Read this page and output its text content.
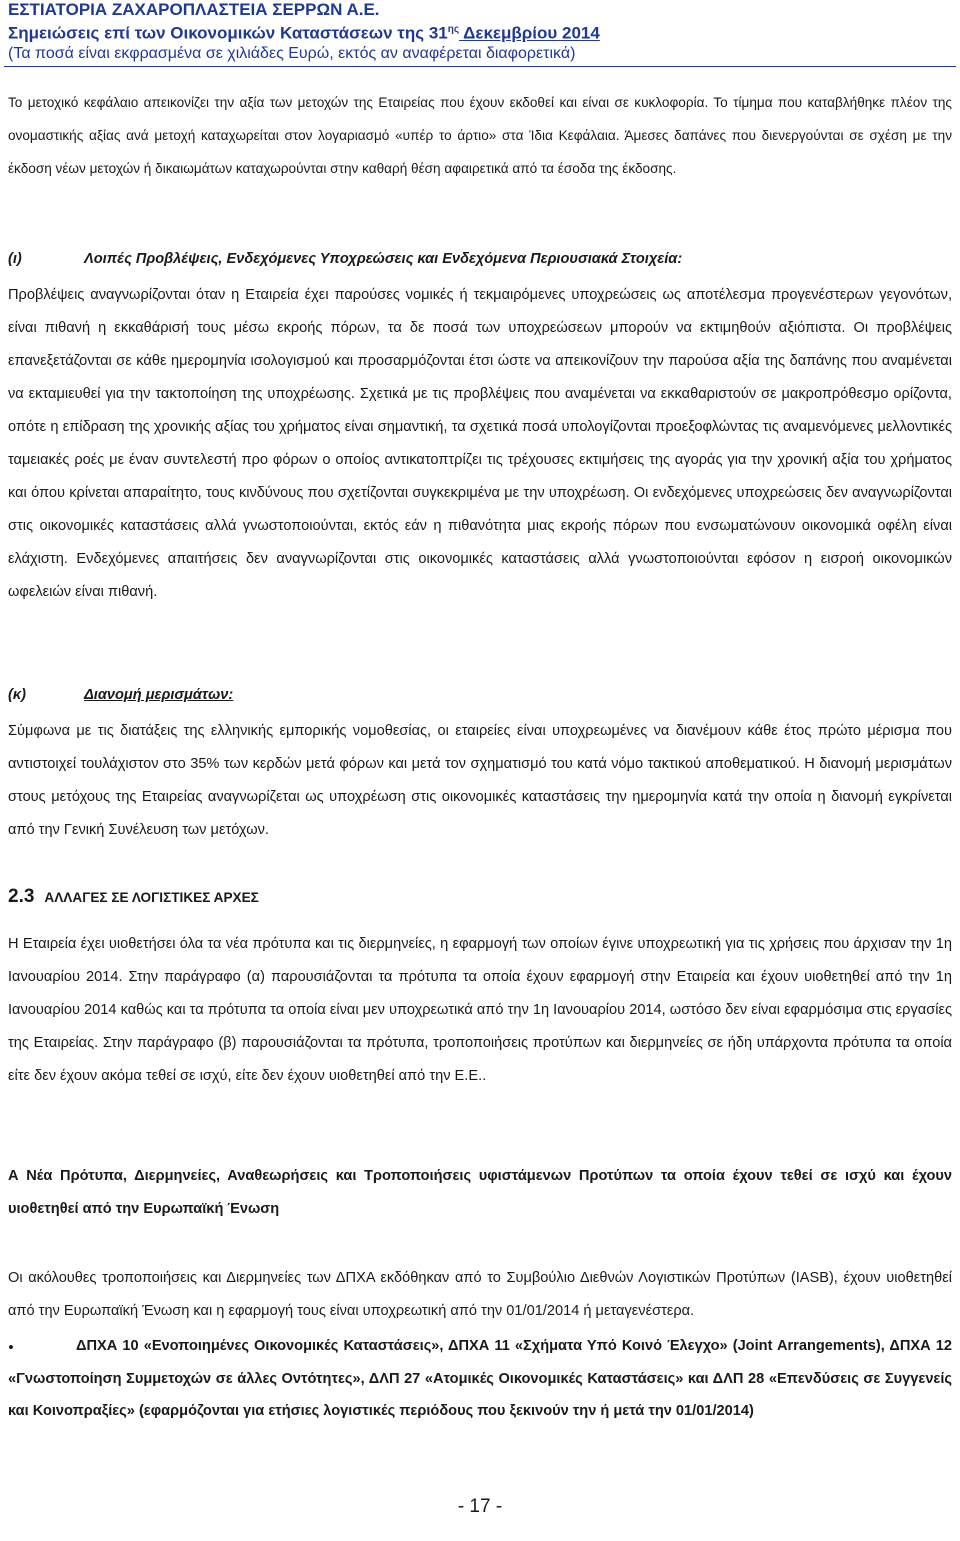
ΕΣΤΙΑΤΟΡΙΑ ΖΑΧΑΡΟΠΛΑΣΤΕΙΑ ΣΕΡΡΩΝ Α.Ε.
Σημειώσεις επί των Οικονομικών Καταστάσεων της $31^{\eta\varsigma}$ Δεκεμβρίου 2014
(Τα ποσά είναι εκφρασμένα σε χιλιάδες Ευρώ, εκτός αν αναφέρεται διαφορετικά)

Το μετοχικό κεφάλαιο απεικονίζει την αξία των μετοχών της Εταιρείας που έχουν εκδοθεί και είναι σε κυκλοφορία. Το τίμημα που καταβλήθηκε πλέον της ονομαστικής αξίας ανά μετοχή καταχωρείται στον λογαριασμό «υπέρ το άρτιο» στα Ίδια Κεφάλαια. Άμεσες δαπάνες που διενεργούνται σε σχέση με την έκδοση νέων μετοχών ή δικαιωμάτων καταχωρούνται στην καθαρή θέση αφαιρετικά από τα έσοδα της έκδοσης.

(ι)	Λοιπές Προβλέψεις, Ενδεχόμενες Υποχρεώσεις και Ενδεχόμενα Περιουσιακά Στοιχεία:

Προβλέψεις αναγνωρίζονται όταν η Εταιρεία έχει παρούσες νομικές ή τεκμαιρόμενες υποχρεώσεις ως αποτέλεσμα προγενέστερων γεγονότων, είναι πιθανή η εκκαθάρισή τους μέσω εκροής πόρων, τα δε ποσά των υποχρεώσεων μπορούν να εκτιμηθούν αξιόπιστα. Οι προβλέψεις επανεξετάζονται σε κάθε ημερομηνία ισολογισμού και προσαρμόζονται έτσι ώστε να απεικονίζουν την παρούσα αξία της δαπάνης που αναμένεται να εκταμιευθεί για την τακτοποίηση της υποχρέωσης. Σχετικά με τις προβλέψεις που αναμένεται να εκκαθαριστούν σε μακροπρόθεσμο ορίζοντα, οπότε η επίδραση της χρονικής αξίας του χρήματος είναι σημαντική, τα σχετικά ποσά υπολογίζονται προεξοφλώντας τις αναμενόμενες μελλοντικές ταμειακές ροές με έναν συντελεστή προ φόρων ο οποίος αντικατοπτρίζει τις τρέχουσες εκτιμήσεις της αγοράς για την χρονική αξία του χρήματος και όπου κρίνεται απαραίτητο, τους κινδύνους που σχετίζονται συγκεκριμένα με την υποχρέωση. Οι ενδεχόμενες υποχρεώσεις δεν αναγνωρίζονται στις οικονομικές καταστάσεις αλλά γνωστοποιούνται, εκτός εάν η πιθανότητα μιας εκροής πόρων που ενσωματώνουν οικονομικά οφέλη είναι ελάχιστη. Ενδεχόμενες απαιτήσεις δεν αναγνωρίζονται στις οικονομικές καταστάσεις αλλά γνωστοποιούνται εφόσον η εισροή οικονομικών ωφελειών είναι πιθανή.

(κ)	Διανομή μερισμάτων:

Σύμφωνα με τις διατάξεις της ελληνικής εμπορικής νομοθεσίας, οι εταιρείες είναι υποχρεωμένες να διανέμουν κάθε έτος πρώτο μέρισμα που αντιστοιχεί τουλάχιστον στο 35% των κερδών μετά φόρων και μετά τον σχηματισμό του κατά νόμο τακτικού αποθεματικού. Η διανομή μερισμάτων στους μετόχους της Εταιρείας αναγνωρίζεται ως υποχρέωση στις οικονομικές καταστάσεις την ημερομηνία κατά την οποία η διανομή εγκρίνεται από την Γενική Συνέλευση των μετόχων.

2.3 ΑΛΛΑΓΕΣ ΣΕ ΛΟΓΙΣΤΙΚΕΣ ΑΡΧΕΣ

Η Εταιρεία έχει υιοθετήσει όλα τα νέα πρότυπα και τις διερμηνείες, η εφαρμογή των οποίων έγινε υποχρεωτική για τις χρήσεις που άρχισαν την 1η Ιανουαρίου 2014. Στην παράγραφο (α) παρουσιάζονται τα πρότυπα τα οποία έχουν εφαρμογή στην Εταιρεία και έχουν υιοθετηθεί από την 1η Ιανουαρίου 2014 καθώς και τα πρότυπα τα οποία είναι μεν υποχρεωτικά από την 1η Ιανουαρίου 2014, ωστόσο δεν είναι εφαρμόσιμα στις εργασίες της Εταιρείας. Στην παράγραφο (β) παρουσιάζονται τα πρότυπα, τροποποιήσεις προτύπων και διερμηνείες σε ήδη υπάρχοντα πρότυπα τα οποία είτε δεν έχουν ακόμα τεθεί σε ισχύ, είτε δεν έχουν υιοθετηθεί από την Ε.Ε..

Α Νέα Πρότυπα, Διερμηνείες, Αναθεωρήσεις και Τροποποιήσεις υφιστάμενων Προτύπων τα οποία έχουν τεθεί σε ισχύ και έχουν υιοθετηθεί από την Ευρωπαϊκή Ένωση

Οι ακόλουθες τροποποιήσεις και Διερμηνείες των ΔΠΧΑ εκδόθηκαν από το Συμβούλιο Διεθνών Λογιστικών Προτύπων (IASB), έχουν υιοθετηθεί από την Ευρωπαϊκή Ένωση και η εφαρμογή τους είναι υποχρεωτική από την 01/01/2014 ή μεταγενέστερα.

•	ΔΠΧΑ 10 «Ενοποιημένες Οικονομικές Καταστάσεις», ΔΠΧΑ 11 «Σχήματα Υπό Κοινό Έλεγχο» (Joint Arrangements), ΔΠΧΑ 12 «Γνωστοποίηση Συμμετοχών σε άλλες Οντότητες», ΔΛΠ 27 «Ατομικές Οικονομικές Καταστάσεις» και ΔΛΠ 28 «Επενδύσεις σε Συγγενείς και Κοινοπραξίες» (εφαρμόζονται για ετήσιες λογιστικές περιόδους που ξεκινούν την ή μετά την 01/01/2014)

- 17 -
